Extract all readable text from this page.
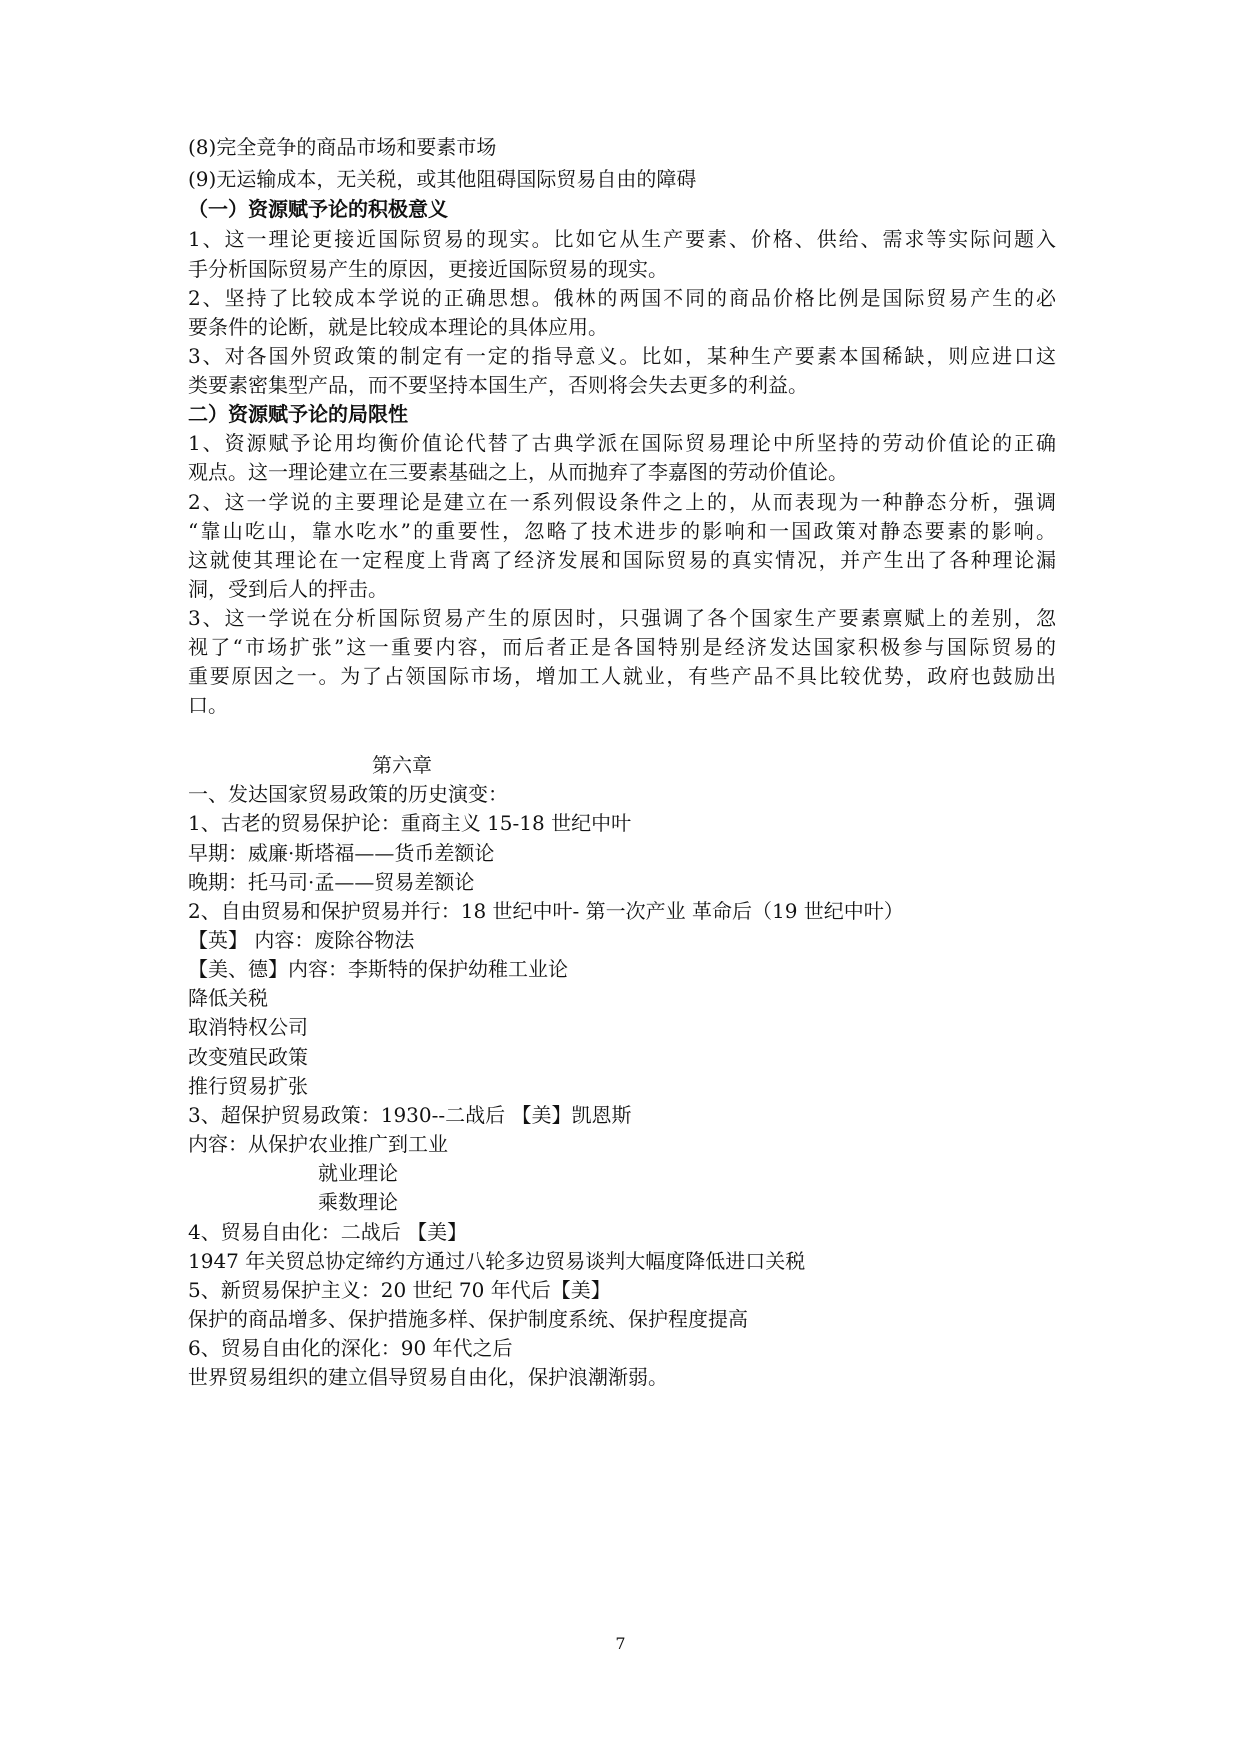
(8)完全竞争的商品市场和要素市场
(9)无运输成本，无关税，或其他阻碍国际贸易自由的障碍
（一）资源赋予论的积极意义
1、这一理论更接近国际贸易的现实。比如它从生产要素、价格、供给、需求等实际问题入
手分析国际贸易产生的原因，更接近国际贸易的现实。
2、坚持了比较成本学说的正确思想。俄林的两国不同的商品价格比例是国际贸易产生的必
要条件的论断，就是比较成本理论的具体应用。
3、对各国外贸政策的制定有一定的指导意义。比如，某种生产要素本国稀缺，则应进口这
类要素密集型产品，而不要坚持本国生产，否则将会失去更多的利益。
二）资源赋予论的局限性
1、资源赋予论用均衡价值论代替了古典学派在国际贸易理论中所坚持的劳动价值论的正确
观点。这一理论建立在三要素基础之上，从而抛弃了李嘉图的劳动价值论。
2、这一学说的主要理论是建立在一系列假设条件之上的，从而表现为一种静态分析，强调
“靠山吃山，靠水吃水”的重要性，忽略了技术进步的影响和一国政策对静态要素的影响。
这就使其理论在一定程度上背离了经济发展和国际贸易的真实情况，并产生出了各种理论漏
洞，受到后人的抨击。
3、这一学说在分析国际贸易产生的原因时，只强调了各个国家生产要素禀赋上的差别，忽
视了“市场扩张”这一重要内容，而后者正是各国特别是经济发达国家积极参与国际贸易的
重要原因之一。为了占领国际市场，增加工人就业，有些产品不具比较优势，政府也鼓励出
口。
第六章
一、发达国家贸易政策的历史演变：
1、古老的贸易保护论：重商主义 15-18 世纪中叶
早期：威廉·斯塔福——货币差额论
晚期：托马司·孟——贸易差额论
2、自由贸易和保护贸易并行：18 世纪中叶- 第一次产业 革命后（19 世纪中叶）
【英】 内容：废除谷物法
【美、德】内容：李斯特的保护幼稚工业论
降低关税
取消特权公司
改变殖民政策
推行贸易扩张
3、超保护贸易政策：1930--二战后 【美】凯恩斯
内容：从保护农业推广到工业
就业理论
乘数理论
4、贸易自由化：二战后 【美】
1947 年关贸总协定缔约方通过八轮多边贸易谈判大幅度降低进口关税
5、新贸易保护主义：20 世纪 70 年代后【美】
保护的商品增多、保护措施多样、保护制度系统、保护程度提高
6、贸易自由化的深化：90 年代之后
世界贸易组织的建立倡导贸易自由化，保护浪潮渐弱。
7
